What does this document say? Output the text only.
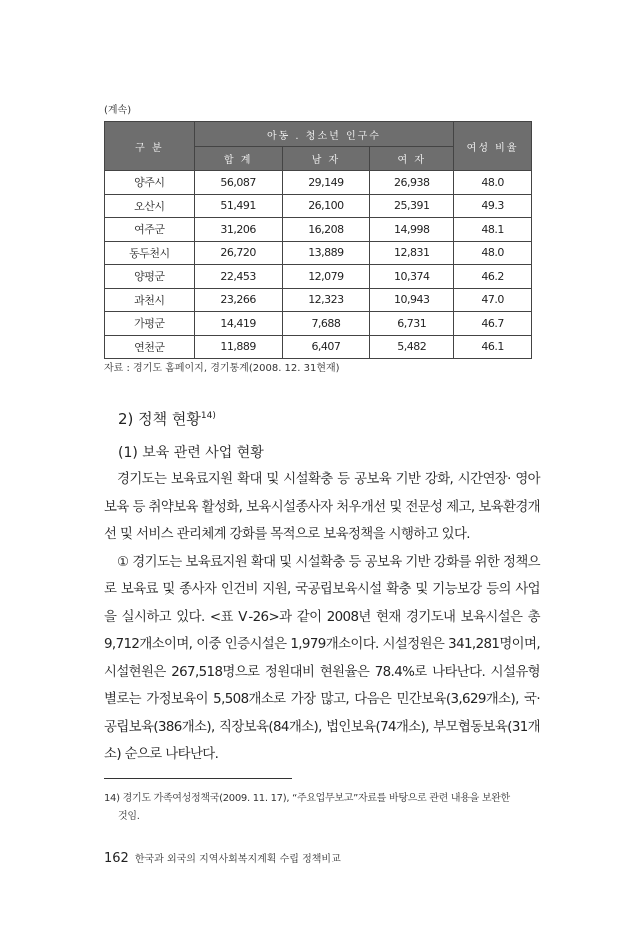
(계속)
구 분	아동 . 청소년 인구수			여성 비율
	합 계	남 자	여 자	
양주시	56,087	29,149	26,938	48.0
오산시	51,491	26,100	25,391	49.3
여주군	31,206	16,208	14,998	48.1
동두천시	26,720	13,889	12,831	48.0
양평군	22,453	12,079	10,374	46.2
과천시	23,266	12,323	10,943	47.0
가평군	14,419	7,688	6,731	46.7
연천군	11,889	6,407	5,482	46.1
자료 : 경기도 홈페이지, 경기통계(2008. 12. 31현재)
2) 정책 현황$^{14)}$
(1) 보육 관련 사업 현황

경기도는 보육료지원 확대 및 시설확충 등 공보육 기반 강화, 시간연장· 영아보육 등 취약보육 활성화, 보육시설종사자 처우개선 및 전문성 제고, 보육환경개선 및 서비스 관리체계 강화를 목적으로 보육정책을 시행하고 있다.

① 경기도는 보육료지원 확대 및 시설확충 등 공보육 기반 강화를 위한 정책으로 보육료 및 종사자 인건비 지원, 국공립보육시설 확충 및 기능보강 등의 사업을 실시하고 있다. <표 Ⅴ-26>과 같이 2008년 현재 경기도내 보육시설은 총 9,712개소이며, 이중 인증시설은 1,979개소이다. 시설정원은 341,281명이며, 시설현원은 267,518명으로 정원대비 현원율은 78.4%로 나타난다. 시설유형별로는 가정보육이 5,508개소로 가장 많고, 다음은 민간보육(3,629개소), 국· 공립보육(386개소), 직장보육(84개소), 법인보육(74개소), 부모협동보육(31개소) 순으로 나타난다.

14) 경기도 가족여성정책국(2009. 11. 17), “주요업무보고”자료를 바탕으로 관련 내용을 보완한
것임.
162 한국과 외국의 지역사회복지계획 수립 정책비교
